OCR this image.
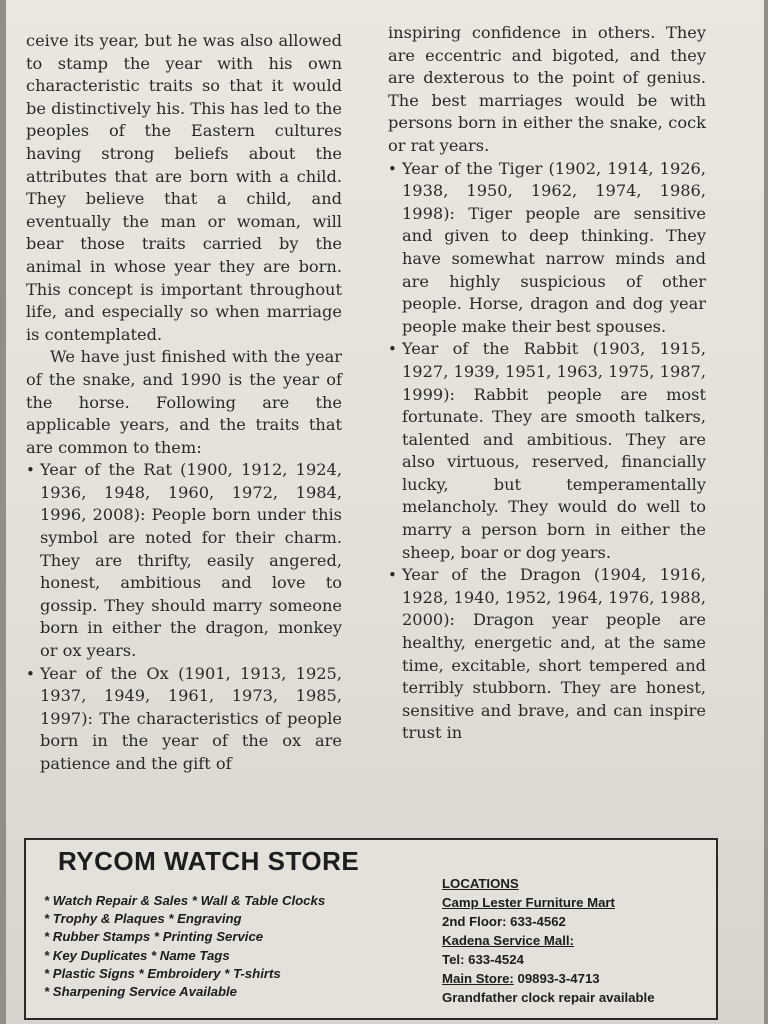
ceive its year, but he was also allowed to stamp the year with his own characteristic traits so that it would be distinctively his. This has led to the peoples of the Eastern cultures having strong beliefs about the attributes that are born with a child. They believe that a child, and eventually the man or woman, will bear those traits carried by the animal in whose year they are born. This concept is important throughout life, and especially so when marriage is contemplated.

We have just finished with the year of the snake, and 1990 is the year of the horse. Following are the applicable years, and the traits that are common to them:

• Year of the Rat (1900, 1912, 1924, 1936, 1948, 1960, 1972, 1984, 1996, 2008): People born under this symbol are noted for their charm. They are thrifty, easily angered, honest, ambitious and love to gossip. They should marry someone born in either the dragon, monkey or ox years.

• Year of the Ox (1901, 1913, 1925, 1937, 1949, 1961, 1973, 1985, 1997): The characteristics of people born in the year of the ox are patience and the gift of

inspiring confidence in others. They are eccentric and bigoted, and they are dexterous to the point of genius. The best marriages would be with persons born in either the snake, cock or rat years.

• Year of the Tiger (1902, 1914, 1926, 1938, 1950, 1962, 1974, 1986, 1998): Tiger people are sensitive and given to deep thinking. They have somewhat narrow minds and are highly suspicious of other people. Horse, dragon and dog year people make their best spouses.

• Year of the Rabbit (1903, 1915, 1927, 1939, 1951, 1963, 1975, 1987, 1999): Rabbit people are most fortunate. They are smooth talkers, talented and ambitious. They are also virtuous, reserved, financially lucky, but temperamentally melancholy. They would do well to marry a person born in either the sheep, boar or dog years.

• Year of the Dragon (1904, 1916, 1928, 1940, 1952, 1964, 1976, 1988, 2000): Dragon year people are healthy, energetic and, at the same time, excitable, short tempered and terribly stubborn. They are honest, sensitive and brave, and can inspire trust in

RYCOM WATCH STORE
* Watch Repair & Sales * Wall & Table Clocks
* Trophy & Plaques * Engraving
* Rubber Stamps * Printing Service
* Key Duplicates * Name Tags
* Plastic Signs * Embroidery * T-shirts
* Sharpening Service Available
LOCATIONS
Camp Lester Furniture Mart
2nd Floor: 633-4562
Kadena Service Mall:
Tel: 633-4524
Main Store: 09893-3-4713
Grandfather clock repair available
